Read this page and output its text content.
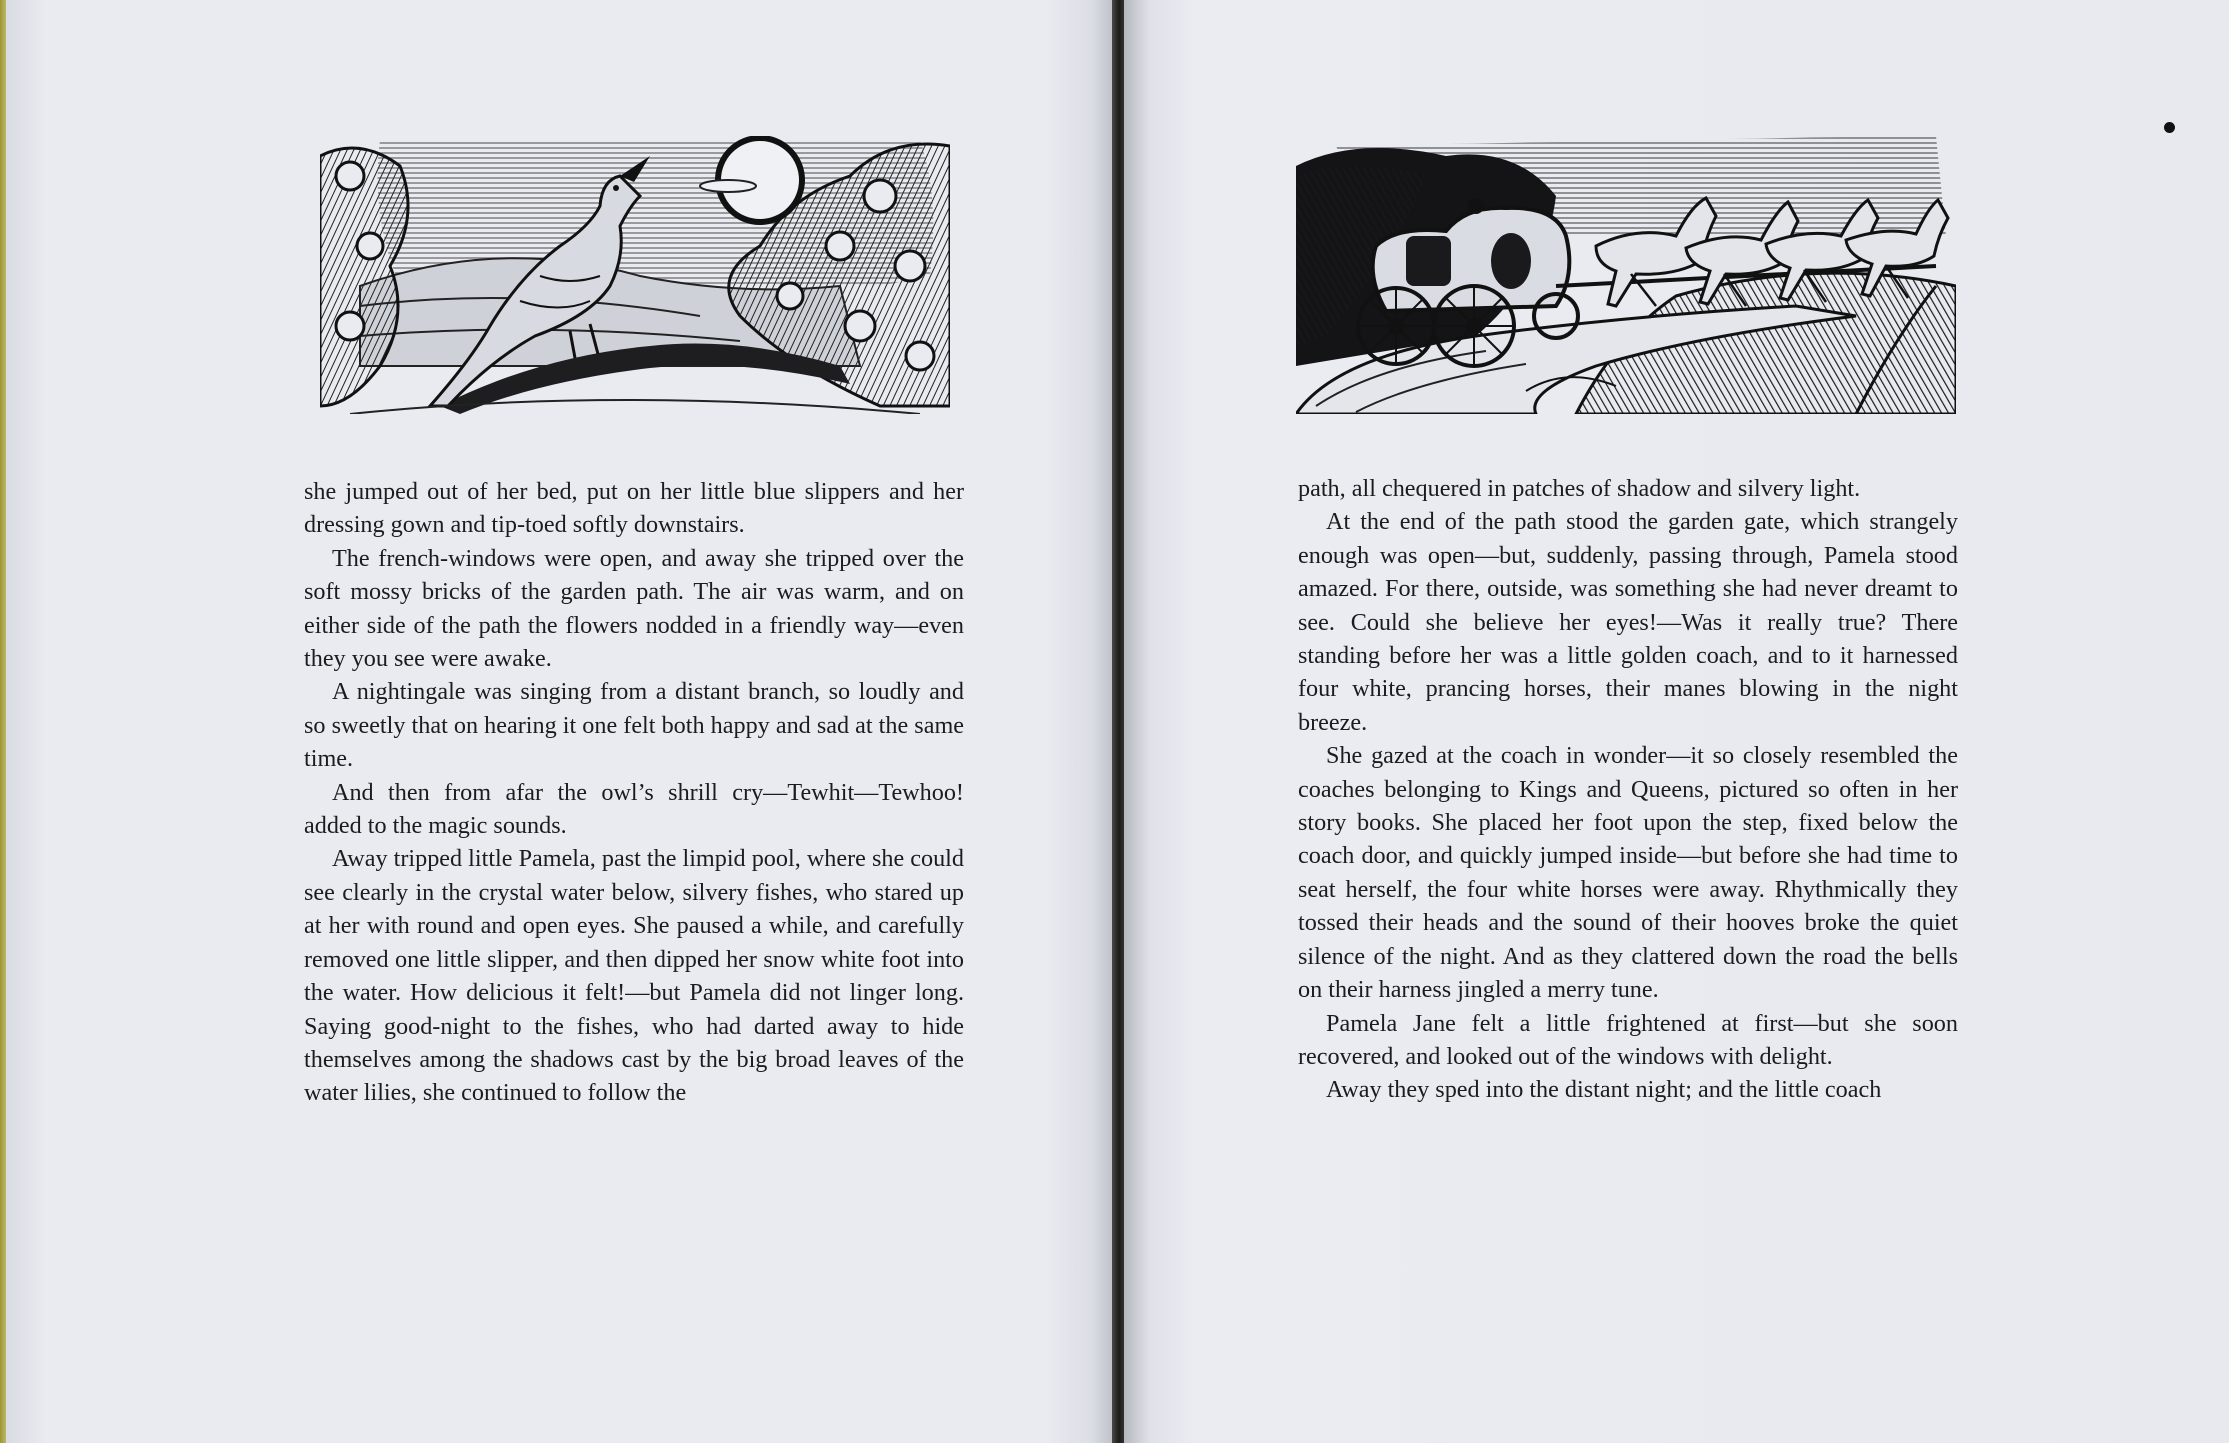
she jumped out of her bed, put on her little blue slippers and her dressing gown and tip-toed softly downstairs.

The french-windows were open, and away she tripped over the soft mossy bricks of the garden path. The air was warm, and on either side of the path the flowers nodded in a friendly way—even they you see were awake.

A nightingale was singing from a distant branch, so loudly and so sweetly that on hearing it one felt both happy and sad at the same time.

And then from afar the owl’s shrill cry—Tewhit—Tewhoo! added to the magic sounds.

Away tripped little Pamela, past the limpid pool, where she could see clearly in the crystal water below, silvery fishes, who stared up at her with round and open eyes. She paused a while, and carefully removed one little slipper, and then dipped her snow white foot into the water. How delicious it felt!—but Pamela did not linger long. Saying good-night to the fishes, who had darted away to hide themselves among the shadows cast by the big broad leaves of the water lilies, she continued to follow the

path, all chequered in patches of shadow and silvery light.

At the end of the path stood the garden gate, which strangely enough was open—but, suddenly, passing through, Pamela stood amazed. For there, outside, was something she had never dreamt to see. Could she believe her eyes!—Was it really true? There standing before her was a little golden coach, and to it harnessed four white, prancing horses, their manes blowing in the night breeze.

She gazed at the coach in wonder—it so closely resembled the coaches belonging to Kings and Queens, pictured so often in her story books. She placed her foot upon the step, fixed below the coach door, and quickly jumped inside—but before she had time to seat herself, the four white horses were away. Rhythmically they tossed their heads and the sound of their hooves broke the quiet silence of the night. And as they clattered down the road the bells on their harness jingled a merry tune.

Pamela Jane felt a little frightened at first—but she soon recovered, and looked out of the windows with delight.

Away they sped into the distant night; and the little coach
